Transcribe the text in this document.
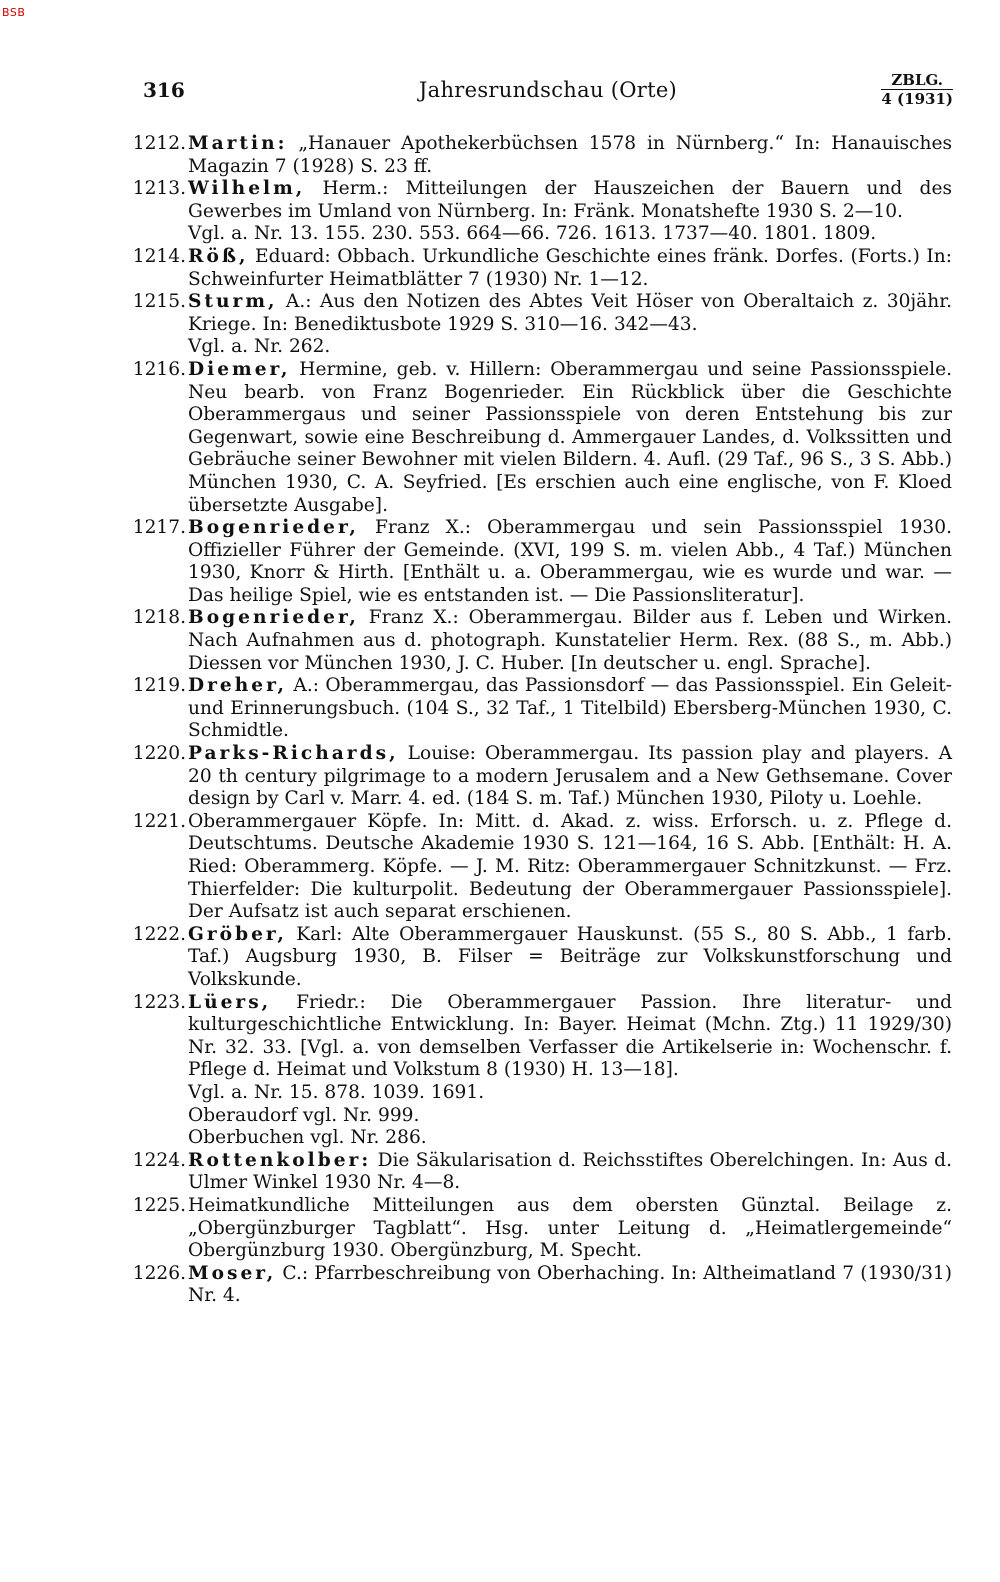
BSB
316	Jahresrundschau (Orte)	ZBLG.
4 (1931)
1212. Martin: „Hanauer Apothekerbüchsen 1578 in Nürnberg.“ In: Hanauisches Magazin 7 (1928) S. 23 ff.
1213. Wilhelm, Herm.: Mitteilungen der Hauszeichen der Bauern und des Gewerbes im Umland von Nürnberg. In: Fränk. Monatshefte 1930 S. 2—10.
Vgl. a. Nr. 13. 155. 230. 553. 664—66. 726. 1613. 1737—40. 1801. 1809.
1214. Röß, Eduard: Obbach. Urkundliche Geschichte eines fränk. Dorfes. (Forts.) In: Schweinfurter Heimatblätter 7 (1930) Nr. 1—12.
1215. Sturm, A.: Aus den Notizen des Abtes Veit Höser von Oberaltaich z. 30jähr. Kriege. In: Benediktusbote 1929 S. 310—16. 342—43.
Vgl. a. Nr. 262.
1216. Diemer, Hermine, geb. v. Hillern: Oberammergau und seine Passionsspiele. Neu bearb. von Franz Bogenrieder. Ein Rückblick über die Geschichte Oberammergaus und seiner Passionsspiele von deren Entstehung bis zur Gegenwart, sowie eine Beschreibung d. Ammergauer Landes, d. Volkssitten und Gebräuche seiner Bewohner mit vielen Bildern. 4. Aufl. (29 Taf., 96 S., 3 S. Abb.) München 1930, C. A. Seyfried. [Es erschien auch eine englische, von F. Kloed übersetzte Ausgabe].
1217. Bogenrieder, Franz X.: Oberammergau und sein Passionsspiel 1930. Offizieller Führer der Gemeinde. (XVI, 199 S. m. vielen Abb., 4 Taf.) München 1930, Knorr & Hirth. [Enthält u. a. Oberammergau, wie es wurde und war. — Das heilige Spiel, wie es entstanden ist. — Die Passionsliteratur].
1218. Bogenrieder, Franz X.: Oberammergau. Bilder aus f. Leben und Wirken. Nach Aufnahmen aus d. photograph. Kunstatelier Herm. Rex. (88 S., m. Abb.) Diessen vor München 1930, J. C. Huber. [In deutscher u. engl. Sprache].
1219. Dreher, A.: Oberammergau, das Passionsdorf — das Passionsspiel. Ein Geleit- und Erinnerungsbuch. (104 S., 32 Taf., 1 Titelbild) Ebersberg-München 1930, C. Schmidtle.
1220. Parks-Richards, Louise: Oberammergau. Its passion play and players. A 20 th century pilgrimage to a modern Jerusalem and a New Gethsemane. Cover design by Carl v. Marr. 4. ed. (184 S. m. Taf.) München 1930, Piloty u. Loehle.
1221. Oberammergauer Köpfe. In: Mitt. d. Akad. z. wiss. Erforsch. u. z. Pflege d. Deutschtums. Deutsche Akademie 1930 S. 121—164, 16 S. Abb. [Enthält: H. A. Ried: Oberammerg. Köpfe. — J. M. Ritz: Oberammergauer Schnitzkunst. — Frz. Thierfelder: Die kulturpolit. Bedeutung der Oberammergauer Passionsspiele]. Der Aufsatz ist auch separat erschienen.
1222. Gröber, Karl: Alte Oberammergauer Hauskunst. (55 S., 80 S. Abb., 1 farb. Taf.) Augsburg 1930, B. Filser = Beiträge zur Volkskunstforschung und Volkskunde.
1223. Lüers, Friedr.: Die Oberammergauer Passion. Ihre literatur- und kulturgeschichtliche Entwicklung. In: Bayer. Heimat (Mchn. Ztg.) 11 1929/30) Nr. 32. 33. [Vgl. a. von demselben Verfasser die Artikelserie in: Wochenschr. f. Pflege d. Heimat und Volkstum 8 (1930) H. 13—18].
Vgl. a. Nr. 15. 878. 1039. 1691.
Oberaudorf vgl. Nr. 999.
Oberbuchen vgl. Nr. 286.
1224. Rottenkolber: Die Säkularisation d. Reichsstiftes Oberelchingen. In: Aus d. Ulmer Winkel 1930 Nr. 4—8.
1225. Heimatkundliche Mitteilungen aus dem obersten Günztal. Beilage z. „Obergünzburger Tagblatt“. Hsg. unter Leitung d. „Heimatlergemeinde“ Obergünzburg 1930. Obergünzburg, M. Specht.
1226. Moser, C.: Pfarrbeschreibung von Oberhaching. In: Altheimatland 7 (1930/31) Nr. 4.
